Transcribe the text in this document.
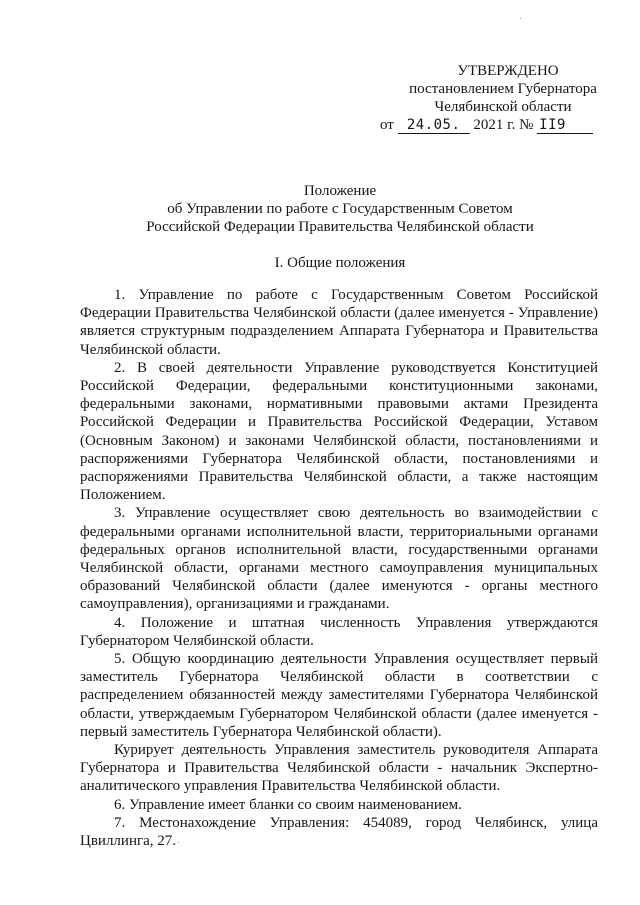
УТВЕРЖДЕНО
постановлением Губернатора
Челябинской области
от 24.05. 2021 г. № II9
Положение
об Управлении по работе с Государственным Советом
Российской Федерации Правительства Челябинской области
I. Общие положения

1. Управление по работе с Государственным Советом Российской Федерации Правительства Челябинской области (далее именуется - Управление) является структурным подразделением Аппарата Губернатора и Правительства Челябинской области.

2. В своей деятельности Управление руководствуется Конституцией Российской Федерации, федеральными конституционными законами, федеральными законами, нормативными правовыми актами Президента Российской Федерации и Правительства Российской Федерации, Уставом (Основным Законом) и законами Челябинской области, постановлениями и распоряжениями Губернатора Челябинской области, постановлениями и распоряжениями Правительства Челябинской области, а также настоящим Положением.

3. Управление осуществляет свою деятельность во взаимодействии с федеральными органами исполнительной власти, территориальными органами федеральных органов исполнительной власти, государственными органами Челябинской области, органами местного самоуправления муниципальных образований Челябинской области (далее именуются - органы местного самоуправления), организациями и гражданами.

4. Положение и штатная численность Управления утверждаются Губернатором Челябинской области.

5. Общую координацию деятельности Управления осуществляет первый заместитель Губернатора Челябинской области в соответствии с распределением обязанностей между заместителями Губернатора Челябинской области, утверждаемым Губернатором Челябинской области (далее именуется - первый заместитель Губернатора Челябинской области).

Курирует деятельность Управления заместитель руководителя Аппарата Губернатора и Правительства Челябинской области - начальник Экспертно-аналитического управления Правительства Челябинской области.

6. Управление имеет бланки со своим наименованием.

7. Местонахождение Управления: 454089, город Челябинск, улица Цвиллинга, 27.
